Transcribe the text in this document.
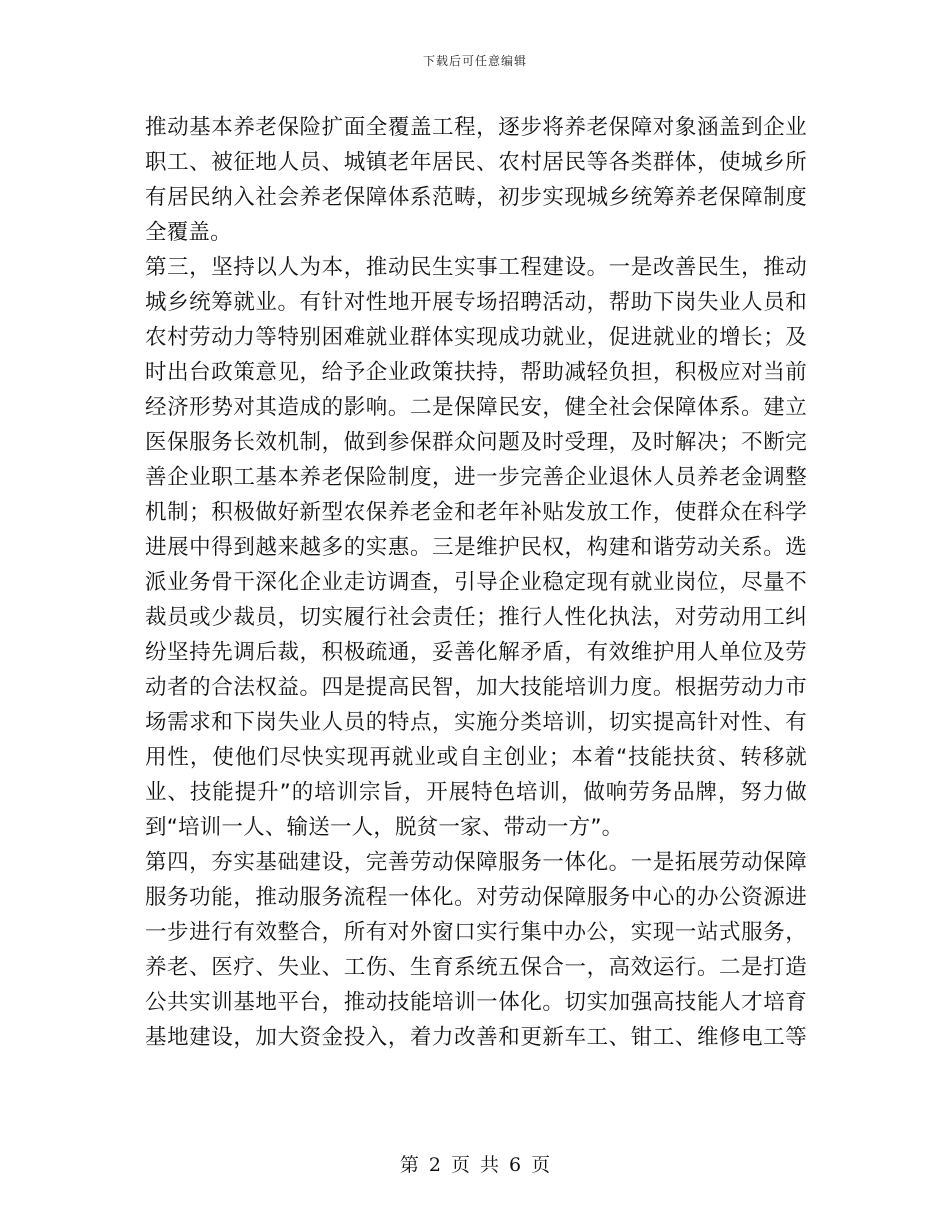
下载后可任意编辑
推动基本养老保险扩面全覆盖工程，逐步将养老保障对象涵盖到企业
职工、被征地人员、城镇老年居民、农村居民等各类群体，使城乡所
有居民纳入社会养老保障体系范畴，初步实现城乡统筹养老保障制度
全覆盖。
第三，坚持以人为本，推动民生实事工程建设。一是改善民生，推动
城乡统筹就业。有针对性地开展专场招聘活动，帮助下岗失业人员和
农村劳动力等特别困难就业群体实现成功就业，促进就业的增长；及
时出台政策意见，给予企业政策扶持，帮助减轻负担，积极应对当前
经济形势对其造成的影响。二是保障民安，健全社会保障体系。建立
医保服务长效机制，做到参保群众问题及时受理，及时解决；不断完
善企业职工基本养老保险制度，进一步完善企业退休人员养老金调整
机制；积极做好新型农保养老金和老年补贴发放工作，使群众在科学
进展中得到越来越多的实惠。三是维护民权，构建和谐劳动关系。选
派业务骨干深化企业走访调查，引导企业稳定现有就业岗位，尽量不
裁员或少裁员，切实履行社会责任；推行人性化执法，对劳动用工纠
纷坚持先调后裁，积极疏通，妥善化解矛盾，有效维护用人单位及劳
动者的合法权益。四是提高民智，加大技能培训力度。根据劳动力市
场需求和下岗失业人员的特点，实施分类培训，切实提高针对性、有
用性，使他们尽快实现再就业或自主创业；本着“技能扶贫、转移就
业、技能提升”的培训宗旨，开展特色培训，做响劳务品牌，努力做
到“培训一人、输送一人，脱贫一家、带动一方”。
第四，夯实基础建设，完善劳动保障服务一体化。一是拓展劳动保障
服务功能，推动服务流程一体化。对劳动保障服务中心的办公资源进
一步进行有效整合，所有对外窗口实行集中办公，实现一站式服务，
养老、医疗、失业、工伤、生育系统五保合一，高效运行。二是打造
公共实训基地平台，推动技能培训一体化。切实加强高技能人才培育
基地建设，加大资金投入，着力改善和更新车工、钳工、维修电工等
第 2 页 共 6 页
